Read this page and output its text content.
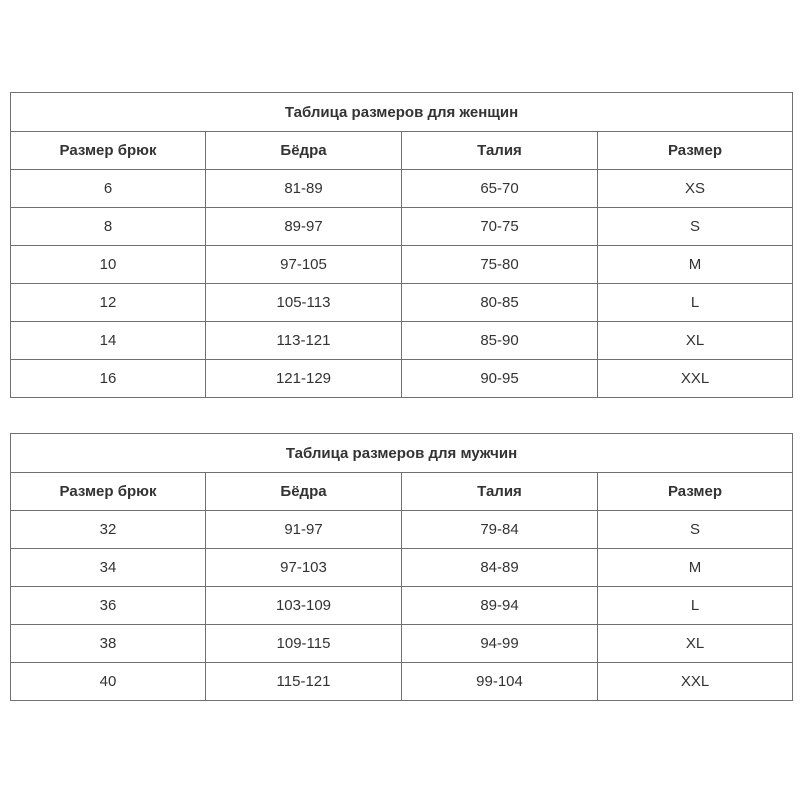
Таблица размеров для женщин			
Размер брюк	Бёдра	Талия	Размер
6	81-89	65-70	XS
8	89-97	70-75	S
10	97-105	75-80	M
12	105-113	80-85	L
14	113-121	85-90	XL
16	121-129	90-95	XXL
Таблица размеров для мужчин			
Размер брюк	Бёдра	Талия	Размер
32	91-97	79-84	S
34	97-103	84-89	M
36	103-109	89-94	L
38	109-115	94-99	XL
40	115-121	99-104	XXL
